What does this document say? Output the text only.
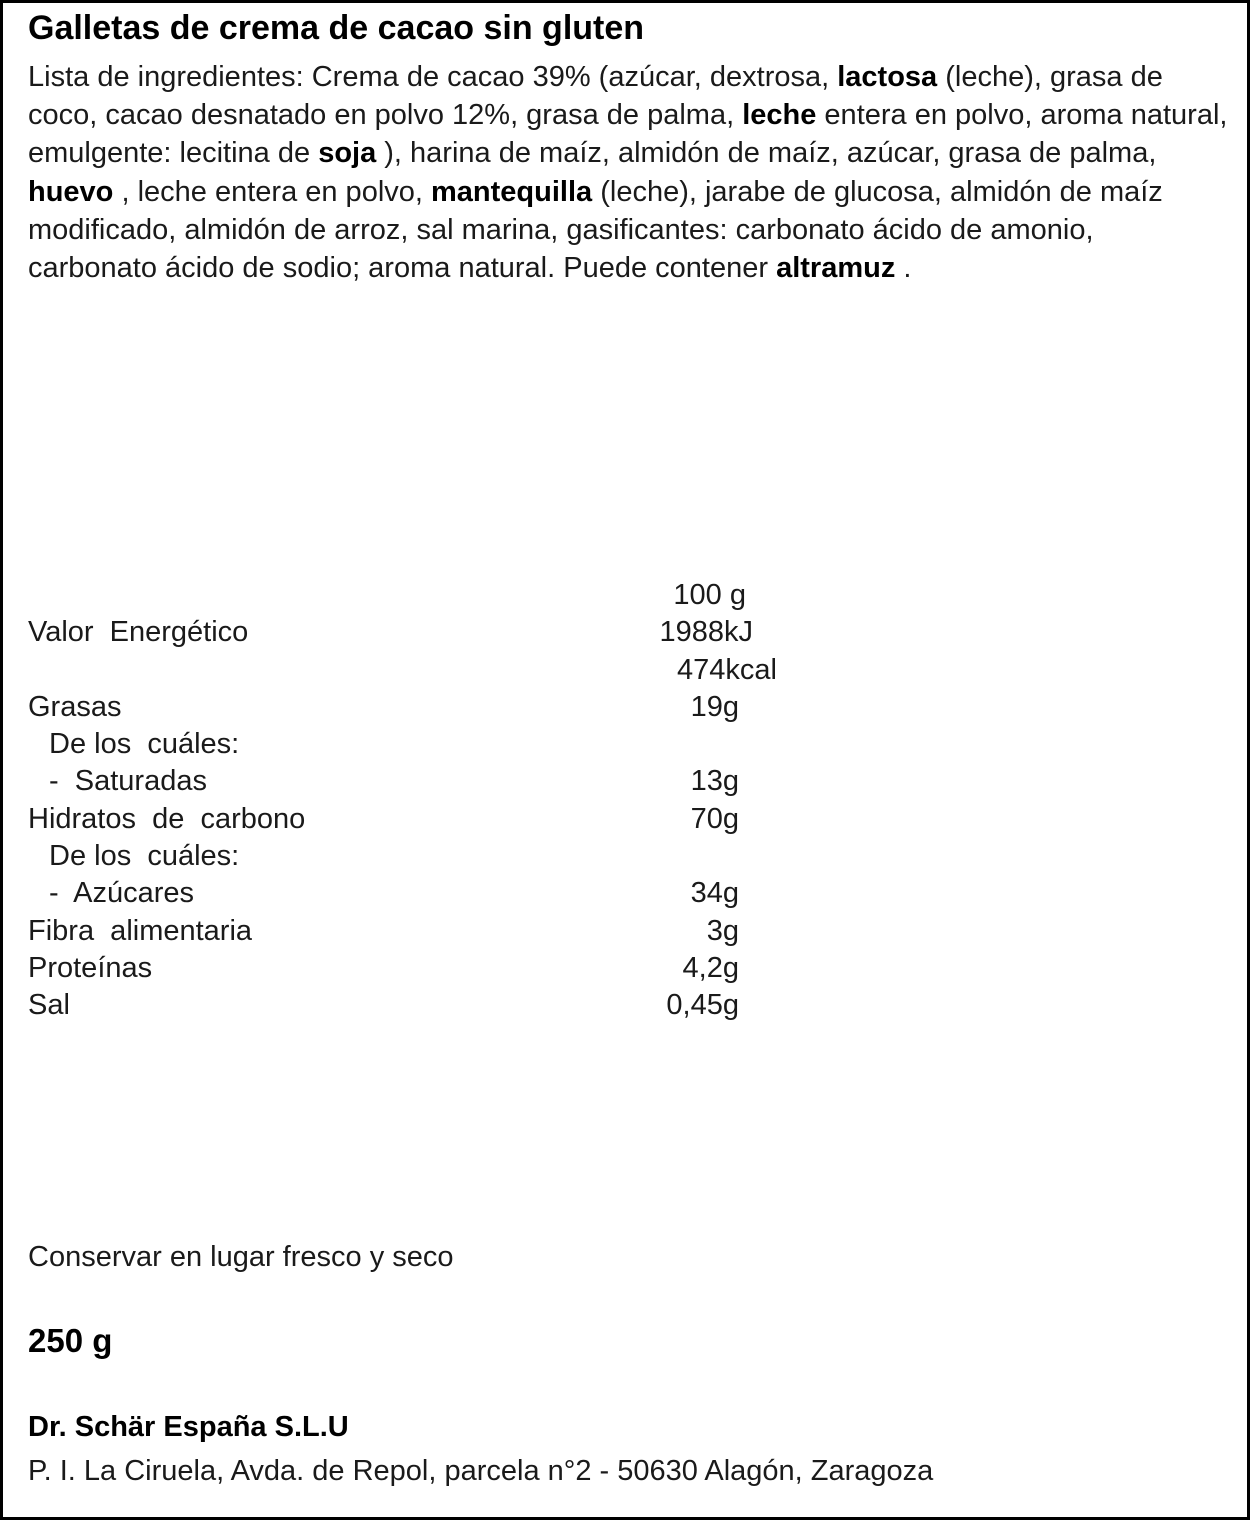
Galletas de crema de cacao sin gluten

Lista de ingredientes: Crema de cacao 39% (azúcar, dextrosa, lactosa (leche), grasa de coco, cacao desnatado en polvo 12%, grasa de palma, leche entera en polvo, aroma natural, emulgente: lecitina de soja ), harina de maíz, almidón de maíz, azúcar, grasa de palma, huevo , leche entera en polvo, mantequilla (leche), jarabe de glucosa, almidón de maíz modificado, almidón de arroz, sal marina, gasificantes: carbonato ácido de amonio, carbonato ácido de sodio; aroma natural. Puede contener altramuz .

100 g
Valor  Energético	1988kJ
474kcal
Grasas	19g
De los  cuáles:
-  Saturadas	13g
Hidratos  de  carbono	70g
De los  cuáles:
-  Azúcares	34g
Fibra  alimentaria	3g
Proteínas	4,2g
Sal	0,45g

Conservar en lugar fresco y seco

250 g

Dr. Schär España S.L.U

P. I. La Ciruela, Avda. de Repol, parcela n°2 - 50630 Alagón, Zaragoza
